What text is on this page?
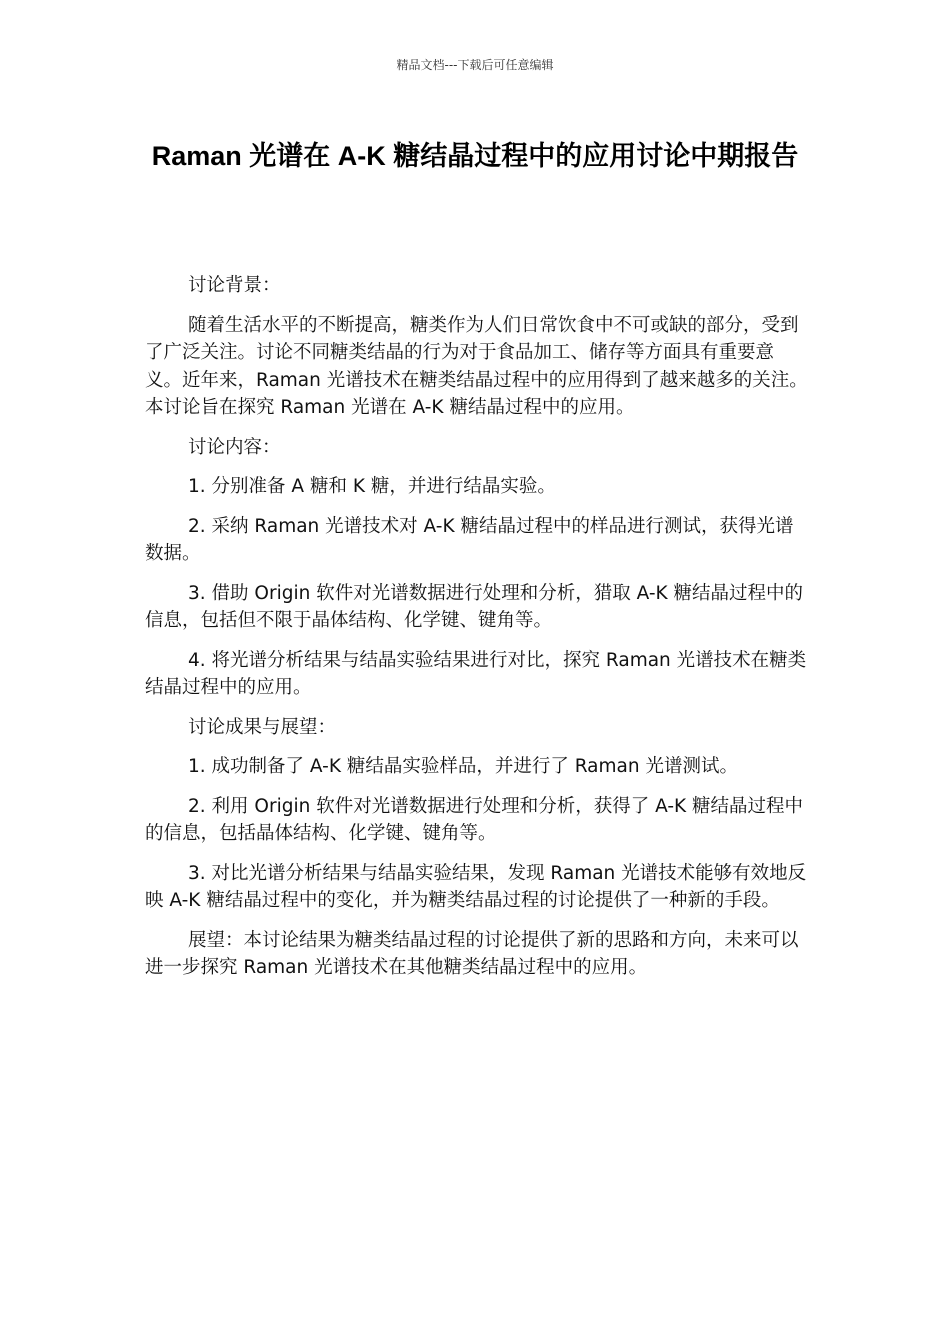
精品文档---下载后可任意编辑
Raman 光谱在 A-K 糖结晶过程中的应用讨论中期报告

讨论背景：

随着生活水平的不断提高，糖类作为人们日常饮食中不可或缺的部分，受到了广泛关注。讨论不同糖类结晶的行为对于食品加工、储存等方面具有重要意义。近年来，Raman 光谱技术在糖类结晶过程中的应用得到了越来越多的关注。本讨论旨在探究 Raman 光谱在 A-K 糖结晶过程中的应用。

讨论内容：

1. 分别准备 A 糖和 K 糖，并进行结晶实验。

2. 采纳 Raman 光谱技术对 A-K 糖结晶过程中的样品进行测试，获得光谱数据。

3. 借助 Origin 软件对光谱数据进行处理和分析，猎取 A-K 糖结晶过程中的信息，包括但不限于晶体结构、化学键、键角等。

4. 将光谱分析结果与结晶实验结果进行对比，探究 Raman 光谱技术在糖类结晶过程中的应用。

讨论成果与展望：

1. 成功制备了 A-K 糖结晶实验样品，并进行了 Raman 光谱测试。

2. 利用 Origin 软件对光谱数据进行处理和分析，获得了 A-K 糖结晶过程中的信息，包括晶体结构、化学键、键角等。

3. 对比光谱分析结果与结晶实验结果，发现 Raman 光谱技术能够有效地反映 A-K 糖结晶过程中的变化，并为糖类结晶过程的讨论提供了一种新的手段。

展望：本讨论结果为糖类结晶过程的讨论提供了新的思路和方向，未来可以进一步探究 Raman 光谱技术在其他糖类结晶过程中的应用。
